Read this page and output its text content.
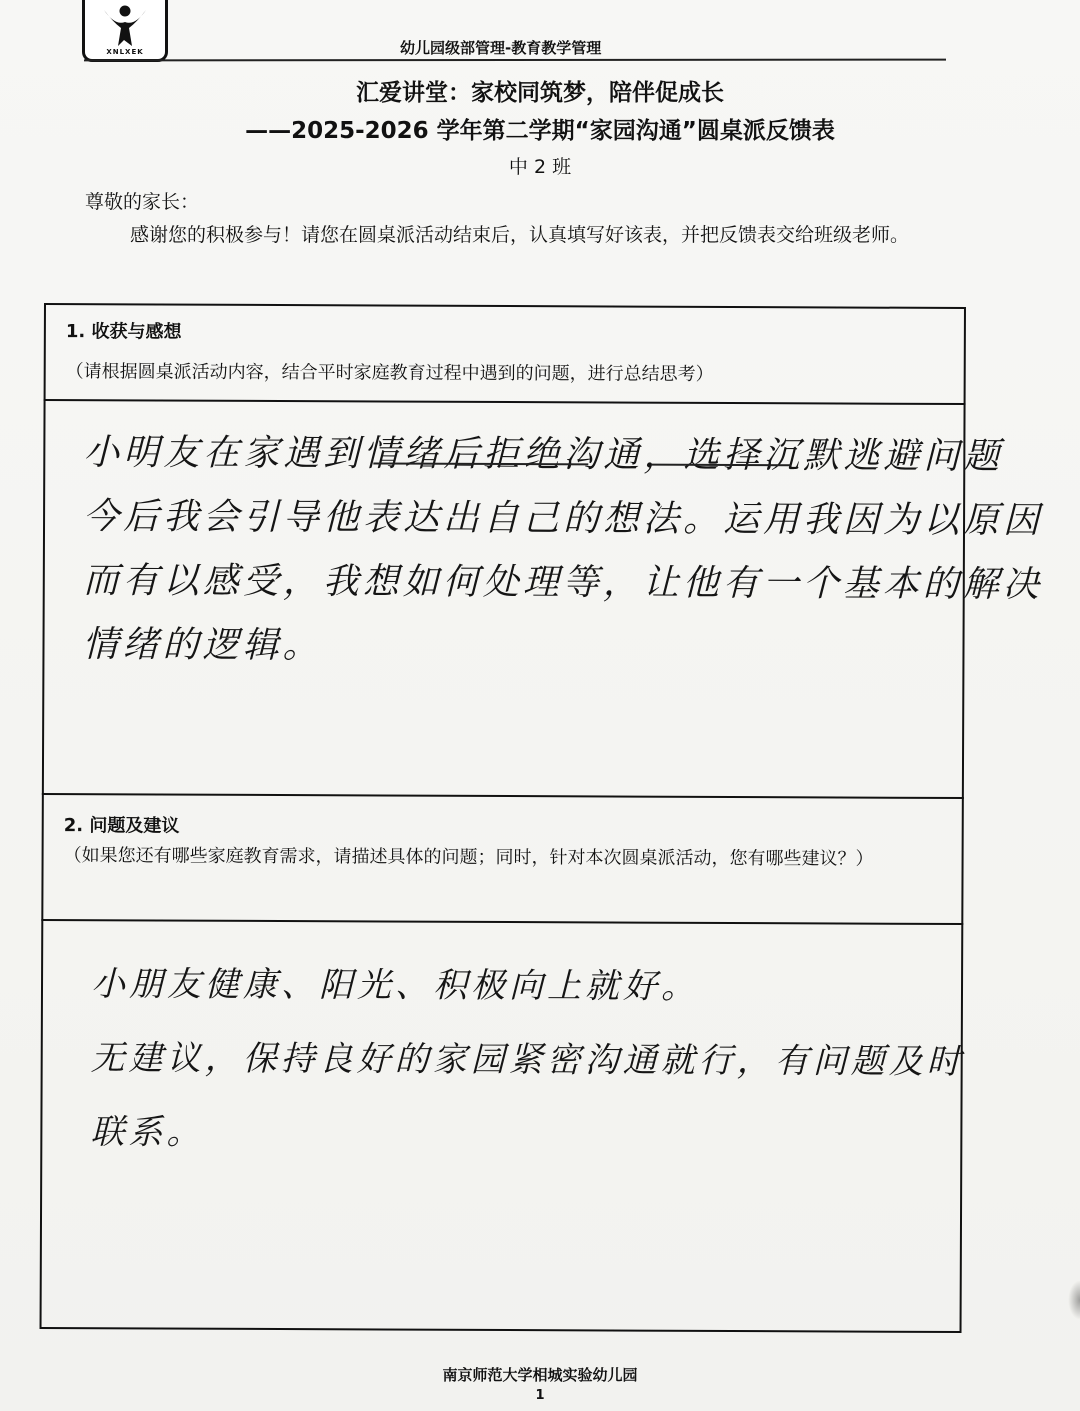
XNLXEK	幼儿园级部管理-教育教学管理
汇爱讲堂：家校同筑梦，陪伴促成长
——2025-2026 学年第二学期“家园沟通”圆桌派反馈表
中 2 班
尊敬的家长：
感谢您的积极参与！请您在圆桌派活动结束后，认真填写好该表，并把反馈表交给班级老师。
1. 收获与感想
（请根据圆桌派活动内容，结合平时家庭教育过程中遇到的问题，进行总结思考）
小明友在家遇到情绪后拒绝沟通，选择沉默逃避问题
今后我会引导他表达出自己的想法。运用我因为以原因
而有以感受，我想如何处理等，让他有一个基本的解决
情绪的逻辑。
2. 问题及建议
（如果您还有哪些家庭教育需求，请描述具体的问题；同时，针对本次圆桌派活动，您有哪些建议？）
小朋友健康、阳光、积极向上就好。
无建议，保持良好的家园紧密沟通就行，有问题及时
联系。
南京师范大学相城实验幼儿园
1
